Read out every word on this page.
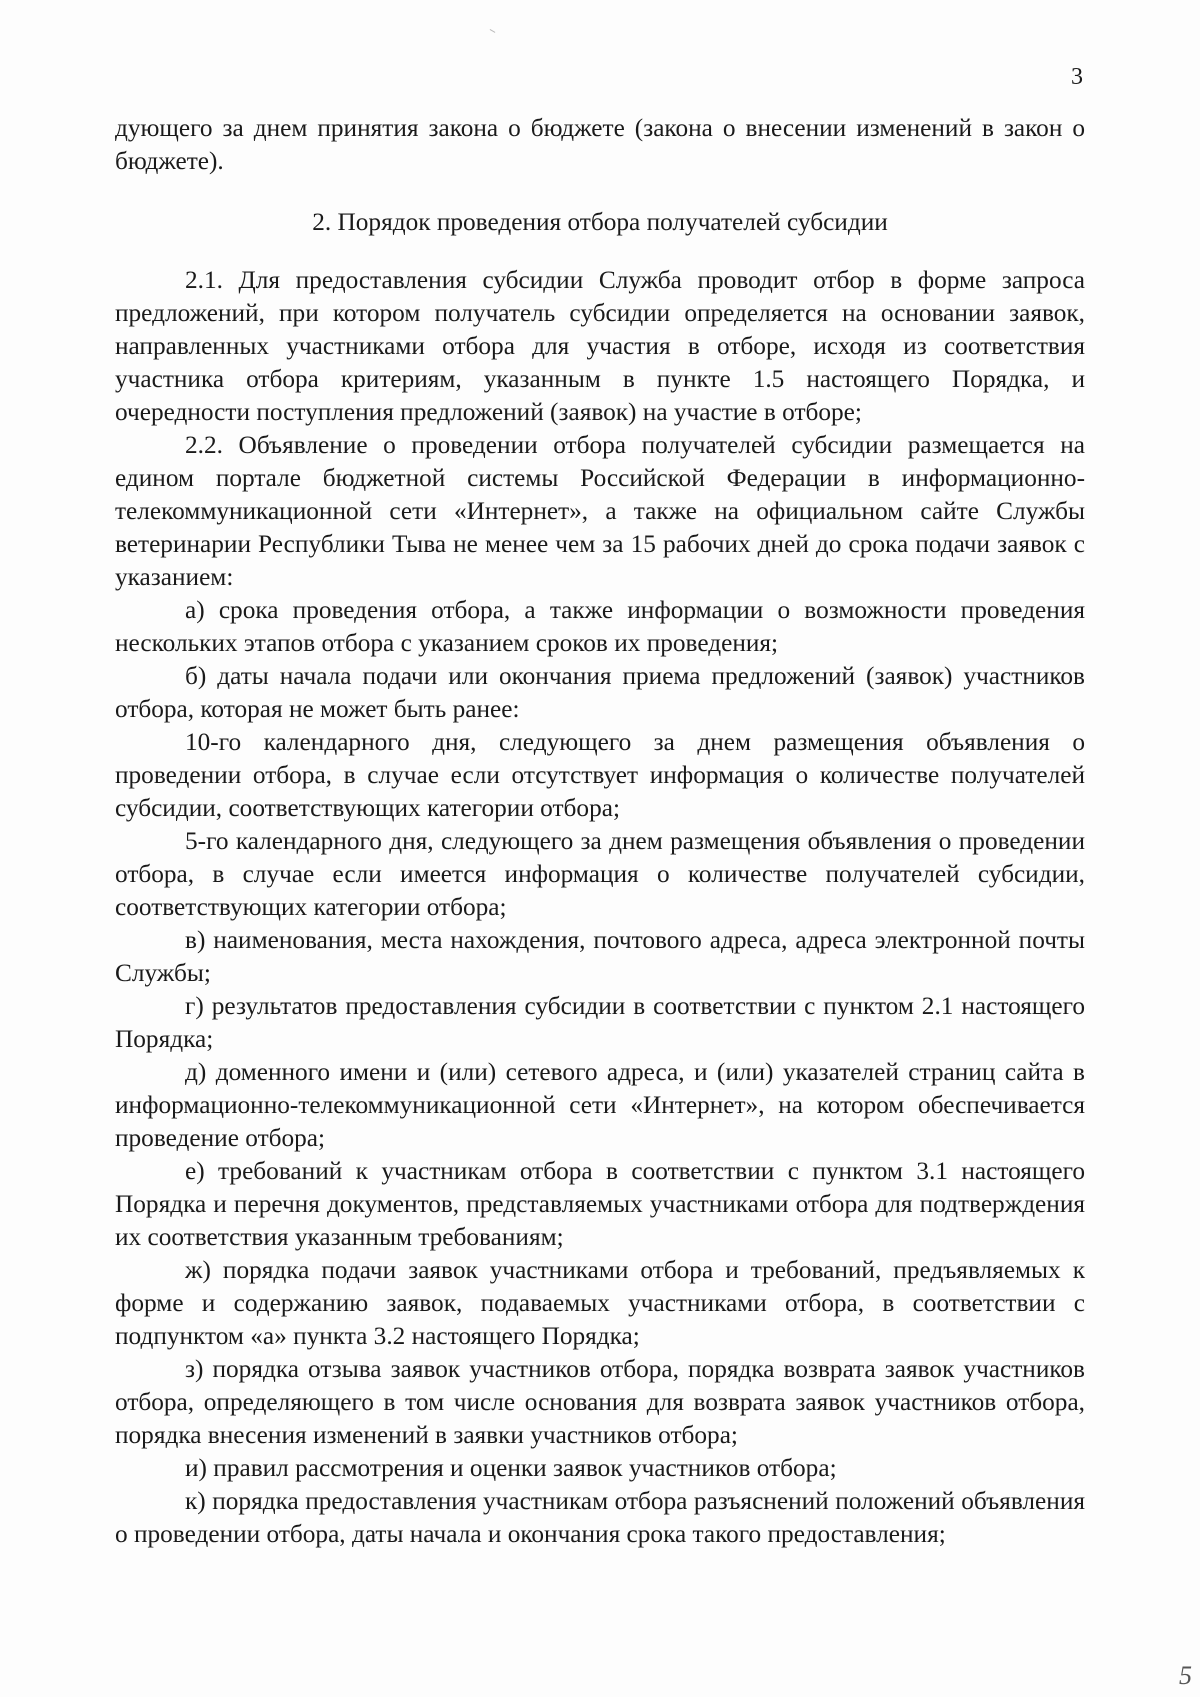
3

дующего за днем принятия закона о бюджете (закона о внесении изменений в закон о бюджете).

2. Порядок проведения отбора получателей субсидии

2.1. Для предоставления субсидии Служба проводит отбор в форме запроса предложений, при котором получатель субсидии определяется на основании заявок, направленных участниками отбора для участия в отборе, исходя из соответствия участника отбора критериям, указанным в пункте 1.5 настоящего Порядка, и очередности поступления предложений (заявок) на участие в отборе;

2.2. Объявление о проведении отбора получателей субсидии размещается на едином портале бюджетной системы Российской Федерации в информационно-телекоммуникационной сети «Интернет», а также на официальном сайте Службы ветеринарии Республики Тыва не менее чем за 15 рабочих дней до срока подачи заявок с указанием:

а) срока проведения отбора, а также информации о возможности проведения нескольких этапов отбора с указанием сроков их проведения;

б) даты начала подачи или окончания приема предложений (заявок) участников отбора, которая не может быть ранее:

10-го календарного дня, следующего за днем размещения объявления о проведении отбора, в случае если отсутствует информация о количестве получателей субсидии, соответствующих категории отбора;

5-го календарного дня, следующего за днем размещения объявления о проведении отбора, в случае если имеется информация о количестве получателей субсидии, соответствующих категории отбора;

в) наименования, места нахождения, почтового адреса, адреса электронной почты Службы;

г) результатов предоставления субсидии в соответствии с пунктом 2.1 настоящего Порядка;

д) доменного имени и (или) сетевого адреса, и (или) указателей страниц сайта в информационно-телекоммуникационной сети «Интернет», на котором обеспечивается проведение отбора;

е) требований к участникам отбора в соответствии с пунктом 3.1 настоящего Порядка и перечня документов, представляемых участниками отбора для подтверждения их соответствия указанным требованиям;

ж) порядка подачи заявок участниками отбора и требований, предъявляемых к форме и содержанию заявок, подаваемых участниками отбора, в соответствии с подпунктом «а» пункта 3.2 настоящего Порядка;

з) порядка отзыва заявок участников отбора, порядка возврата заявок участников отбора, определяющего в том числе основания для возврата заявок участников отбора, порядка внесения изменений в заявки участников отбора;

и) правил рассмотрения и оценки заявок участников отбора;

к) порядка предоставления участникам отбора разъяснений положений объявления о проведении отбора, даты начала и окончания срока такого предоставления;

5
